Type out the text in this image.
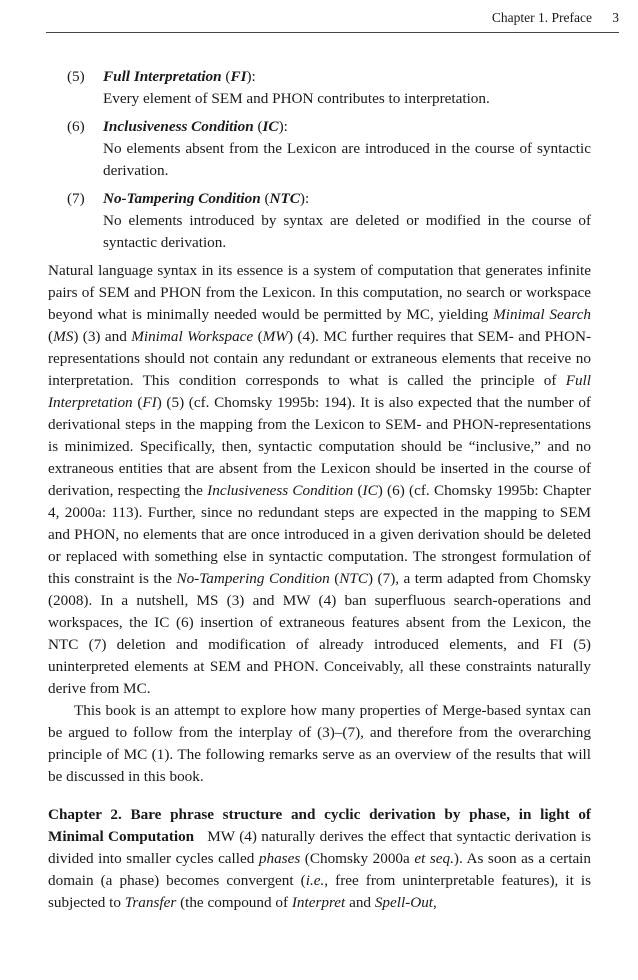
Chapter 1. Preface 3
(5) Full Interpretation (FI):
Every element of SEM and PHON contributes to interpretation.
(6) Inclusiveness Condition (IC):
No elements absent from the Lexicon are introduced in the course of syntactic derivation.
(7) No-Tampering Condition (NTC):
No elements introduced by syntax are deleted or modified in the course of syntactic derivation.

Natural language syntax in its essence is a system of computation that generates infinite pairs of SEM and PHON from the Lexicon. In this computation, no search or workspace beyond what is minimally needed would be permitted by MC, yielding Minimal Search (MS) (3) and Minimal Workspace (MW) (4). MC further requires that SEM- and PHON-representations should not contain any redundant or extraneous elements that receive no interpretation. This condition corresponds to what is called the principle of Full Interpretation (FI) (5) (cf. Chomsky 1995b: 194). It is also expected that the number of derivational steps in the mapping from the Lexicon to SEM- and PHON-representations is minimized. Specifically, then, syntactic computation should be “inclusive,” and no extraneous entities that are absent from the Lexicon should be inserted in the course of derivation, respecting the Inclusiveness Condition (IC) (6) (cf. Chomsky 1995b: Chapter 4, 2000a: 113). Further, since no redundant steps are expected in the mapping to SEM and PHON, no elements that are once introduced in a given derivation should be deleted or replaced with something else in syntactic computation. The strongest formulation of this constraint is the No-Tampering Condition (NTC) (7), a term adapted from Chomsky (2008). In a nutshell, MS (3) and MW (4) ban superfluous search-operations and workspaces, the IC (6) insertion of extraneous features absent from the Lexicon, the NTC (7) deletion and modification of already introduced elements, and FI (5) uninterpreted elements at SEM and PHON. Conceivably, all these constraints naturally derive from MC.

This book is an attempt to explore how many properties of Merge-based syntax can be argued to follow from the interplay of (3)–(7), and therefore from the overarching principle of MC (1). The following remarks serve as an overview of the results that will be discussed in this book.

Chapter 2. Bare phrase structure and cyclic derivation by phase, in light of Minimal Computation MW (4) naturally derives the effect that syntactic derivation is divided into smaller cycles called phases (Chomsky 2000a et seq.). As soon as a certain domain (a phase) becomes convergent (i.e., free from uninterpretable features), it is subjected to Transfer (the compound of Interpret and Spell-Out,
